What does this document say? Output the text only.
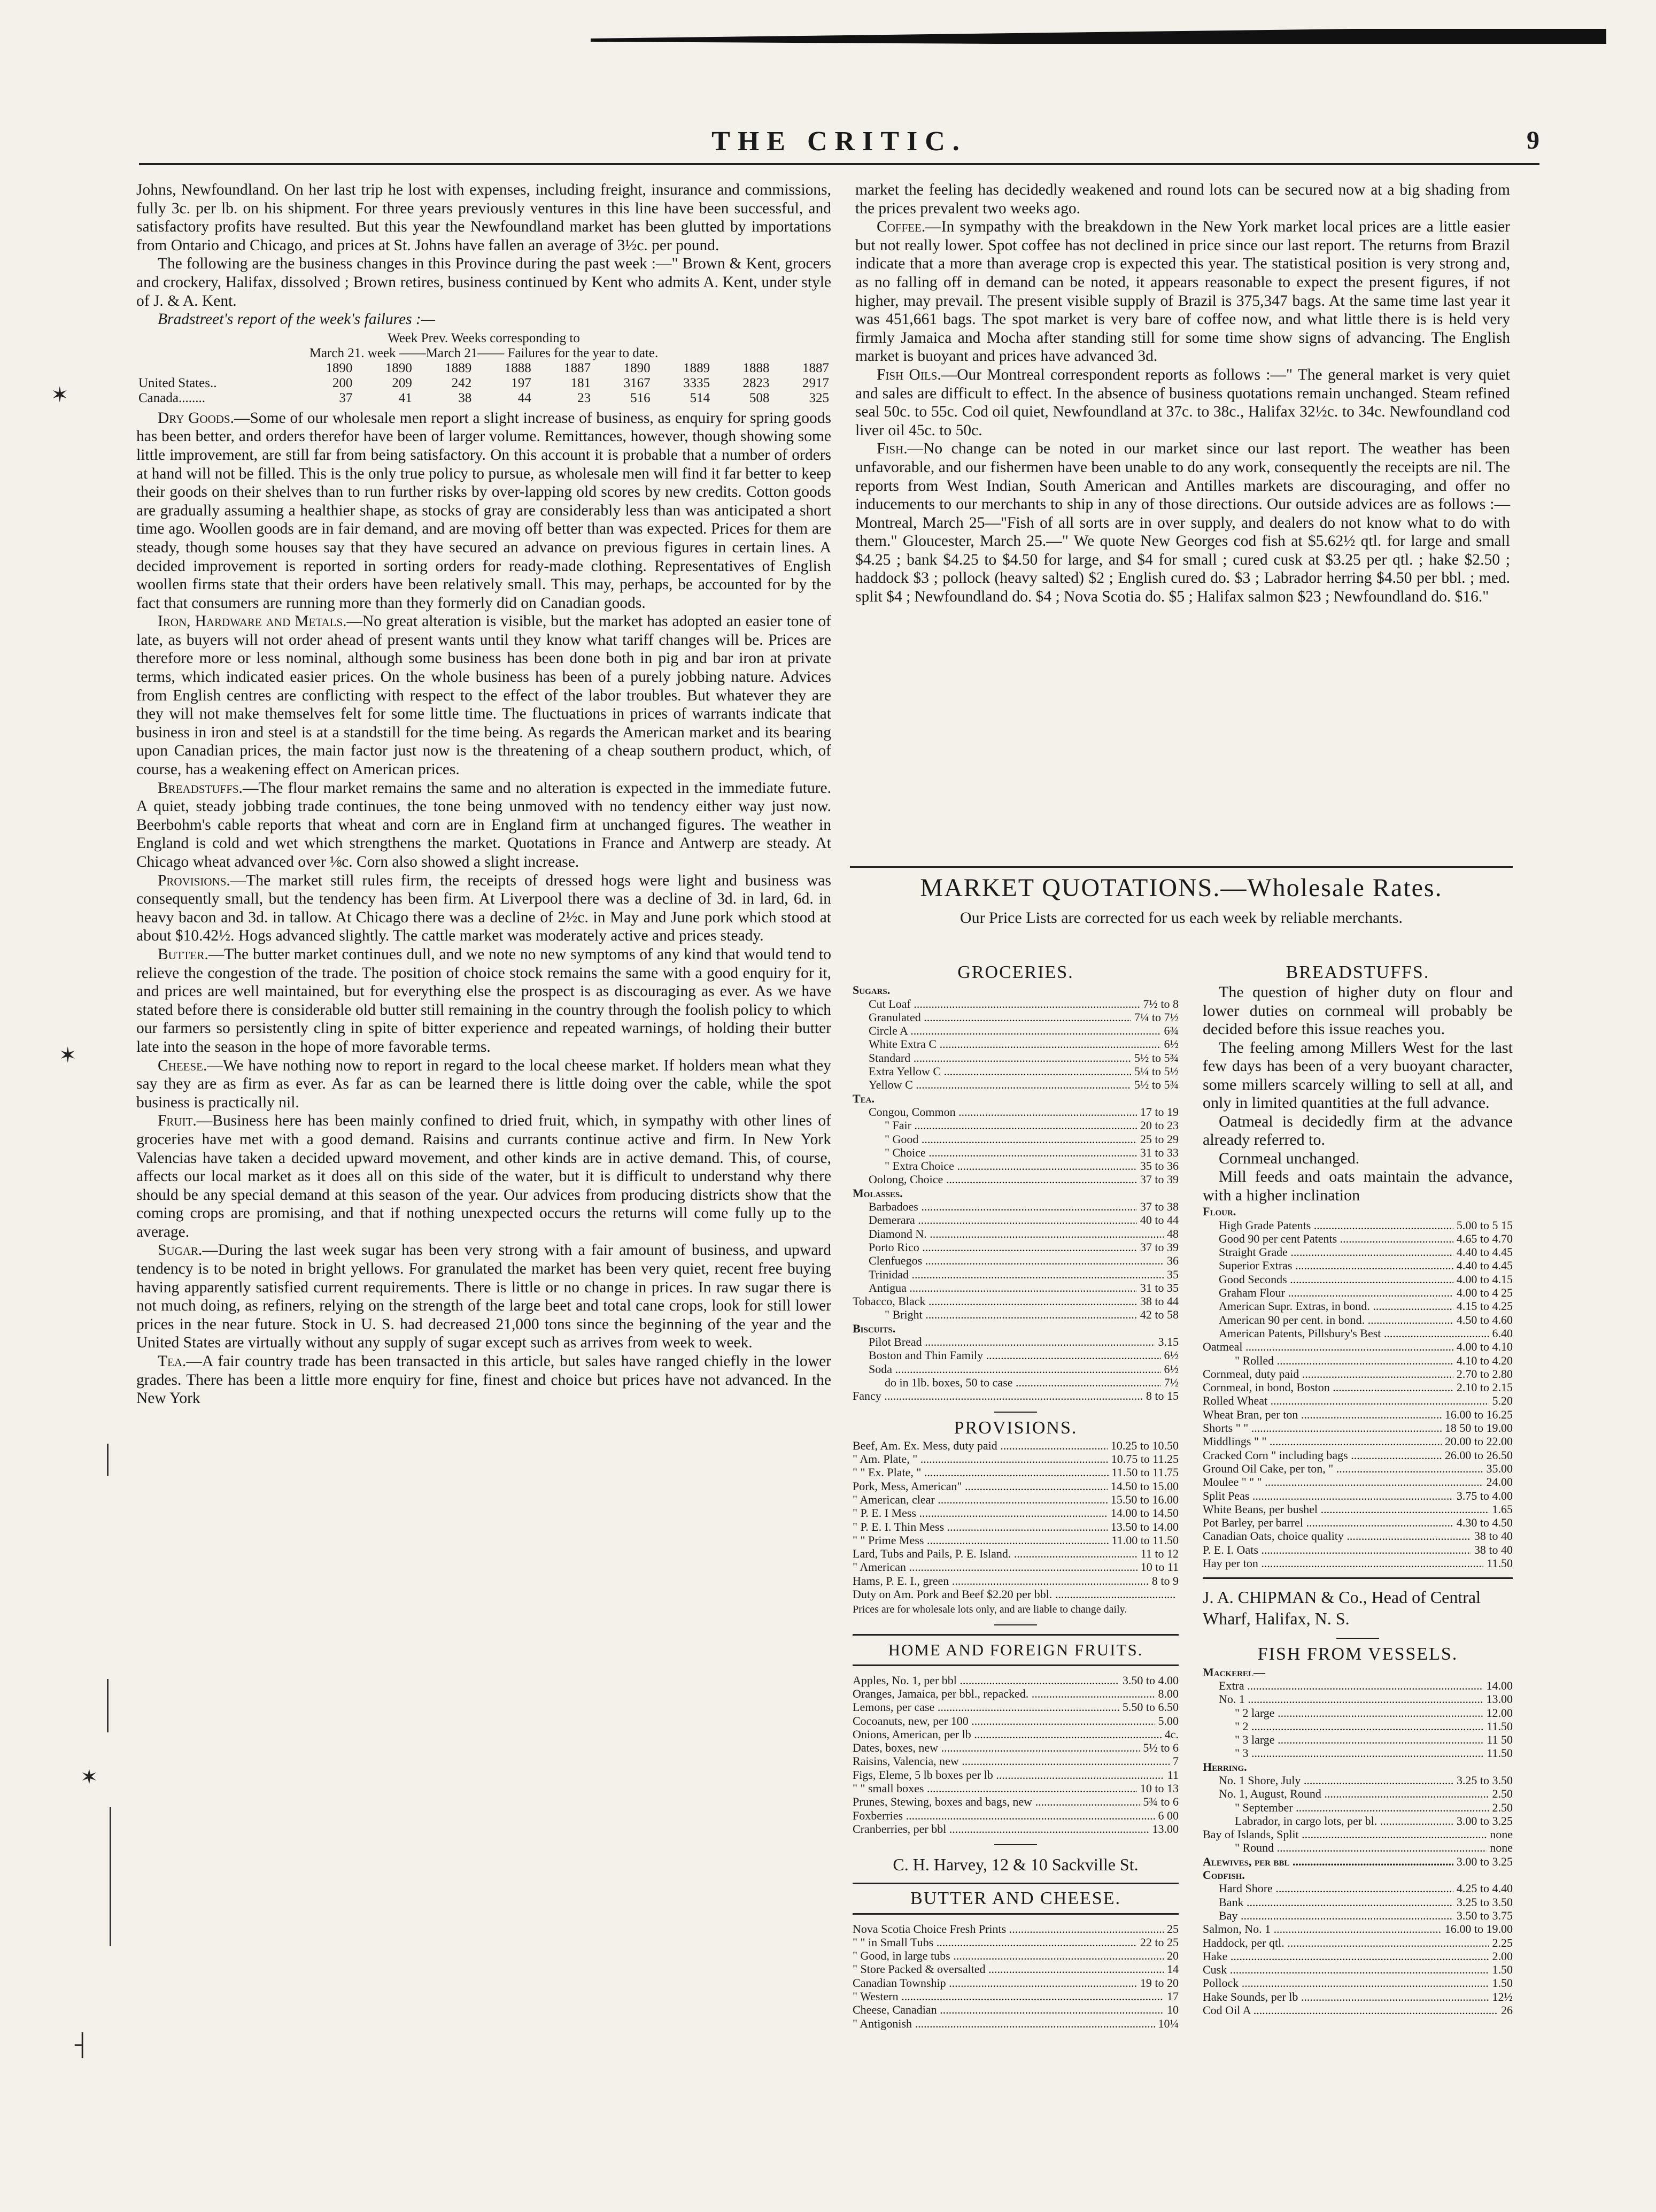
THE CRITIC.	9
✶
✶
✶
┤

Johns, Newfoundland. On her last trip he lost with expenses, including freight, insurance and commissions, fully 3c. per lb. on his shipment. For three years previously ventures in this line have been successful, and satisfactory profits have resulted. But this year the Newfoundland market has been glutted by importations from Ontario and Chicago, and prices at St. Johns have fallen an average of 3½c. per pound.

The following are the business changes in this Province during the past week :—" Brown & Kent, grocers and crockery, Halifax, dissolved ; Brown retires, business continued by Kent who admits A. Kent, under style of J. & A. Kent.

Bradstreet's report of the week's failures :—

Week Prev. Weeks corresponding to
March 21. week ——March 21—— Failures for the year to date.
	1890	1890	1889	1888	1887	1890	1889	1888	1887
United States..	200	209	242	197	181	3167	3335	2823	2917
Canada........	37	41	38	44	23	516	514	508	325

Dry Goods.—Some of our wholesale men report a slight increase of business, as enquiry for spring goods has been better, and orders therefor have been of larger volume. Remittances, however, though showing some little improvement, are still far from being satisfactory. On this account it is probable that a number of orders at hand will not be filled. This is the only true policy to pursue, as wholesale men will find it far better to keep their goods on their shelves than to run further risks by over-lapping old scores by new credits. Cotton goods are gradually assuming a healthier shape, as stocks of gray are considerably less than was anticipated a short time ago. Woollen goods are in fair demand, and are moving off better than was expected. Prices for them are steady, though some houses say that they have secured an advance on previous figures in certain lines. A decided improvement is reported in sorting orders for ready-made clothing. Representatives of English woollen firms state that their orders have been relatively small. This may, perhaps, be accounted for by the fact that consumers are running more than they formerly did on Canadian goods.

Iron, Hardware and Metals.—No great alteration is visible, but the market has adopted an easier tone of late, as buyers will not order ahead of present wants until they know what tariff changes will be. Prices are therefore more or less nominal, although some business has been done both in pig and bar iron at private terms, which indicated easier prices. On the whole business has been of a purely jobbing nature. Advices from English centres are conflicting with respect to the effect of the labor troubles. But whatever they are they will not make themselves felt for some little time. The fluctuations in prices of warrants indicate that business in iron and steel is at a standstill for the time being. As regards the American market and its bearing upon Canadian prices, the main factor just now is the threatening of a cheap southern product, which, of course, has a weakening effect on American prices.

Breadstuffs.—The flour market remains the same and no alteration is expected in the immediate future. A quiet, steady jobbing trade continues, the tone being unmoved with no tendency either way just now. Beerbohm's cable reports that wheat and corn are in England firm at unchanged figures. The weather in England is cold and wet which strengthens the market. Quotations in France and Antwerp are steady. At Chicago wheat advanced over ⅛c. Corn also showed a slight increase.

Provisions.—The market still rules firm, the receipts of dressed hogs were light and business was consequently small, but the tendency has been firm. At Liverpool there was a decline of 3d. in lard, 6d. in heavy bacon and 3d. in tallow. At Chicago there was a decline of 2½c. in May and June pork which stood at about $10.42½. Hogs advanced slightly. The cattle market was moderately active and prices steady.

Butter.—The butter market continues dull, and we note no new symptoms of any kind that would tend to relieve the congestion of the trade. The position of choice stock remains the same with a good enquiry for it, and prices are well maintained, but for everything else the prospect is as discouraging as ever. As we have stated before there is considerable old butter still remaining in the country through the foolish policy to which our farmers so persistently cling in spite of bitter experience and repeated warnings, of holding their butter late into the season in the hope of more favorable terms.

Cheese.—We have nothing now to report in regard to the local cheese market. If holders mean what they say they are as firm as ever. As far as can be learned there is little doing over the cable, while the spot business is practically nil.

Fruit.—Business here has been mainly confined to dried fruit, which, in sympathy with other lines of groceries have met with a good demand. Raisins and currants continue active and firm. In New York Valencias have taken a decided upward movement, and other kinds are in active demand. This, of course, affects our local market as it does all on this side of the water, but it is difficult to understand why there should be any special demand at this season of the year. Our advices from producing districts show that the coming crops are promising, and that if nothing unexpected occurs the returns will come fully up to the average.

Sugar.—During the last week sugar has been very strong with a fair amount of business, and upward tendency is to be noted in bright yellows. For granulated the market has been very quiet, recent free buying having apparently satisfied current requirements. There is little or no change in prices. In raw sugar there is not much doing, as refiners, relying on the strength of the large beet and total cane crops, look for still lower prices in the near future. Stock in U. S. had decreased 21,000 tons since the beginning of the year and the United States are virtually without any supply of sugar except such as arrives from week to week.

Tea.—A fair country trade has been transacted in this article, but sales have ranged chiefly in the lower grades. There has been a little more enquiry for fine, finest and choice but prices have not advanced. In the New York

market the feeling has decidedly weakened and round lots can be secured now at a big shading from the prices prevalent two weeks ago.

Coffee.—In sympathy with the breakdown in the New York market local prices are a little easier but not really lower. Spot coffee has not declined in price since our last report. The returns from Brazil indicate that a more than average crop is expected this year. The statistical position is very strong and, as no falling off in demand can be noted, it appears reasonable to expect the present figures, if not higher, may prevail. The present visible supply of Brazil is 375,347 bags. At the same time last year it was 451,661 bags. The spot market is very bare of coffee now, and what little there is is held very firmly Jamaica and Mocha after standing still for some time show signs of advancing. The English market is buoyant and prices have advanced 3d.

Fish Oils.—Our Montreal correspondent reports as follows :—" The general market is very quiet and sales are difficult to effect. In the absence of business quotations remain unchanged. Steam refined seal 50c. to 55c. Cod oil quiet, Newfoundland at 37c. to 38c., Halifax 32½c. to 34c. Newfoundland cod liver oil 45c. to 50c.

Fish.—No change can be noted in our market since our last report. The weather has been unfavorable, and our fishermen have been unable to do any work, consequently the receipts are nil. The reports from West Indian, South American and Antilles markets are discouraging, and offer no inducements to our merchants to ship in any of those directions. Our outside advices are as follows :—Montreal, March 25—"Fish of all sorts are in over supply, and dealers do not know what to do with them." Gloucester, March 25.—" We quote New Georges cod fish at $5.62½ qtl. for large and small $4.25 ; bank $4.25 to $4.50 for large, and $4 for small ; cured cusk at $3.25 per qtl. ; hake $2.50 ; haddock $3 ; pollock (heavy salted) $2 ; English cured do. $3 ; Labrador herring $4.50 per bbl. ; med. split $4 ; Newfoundland do. $4 ; Nova Scotia do. $5 ; Halifax salmon $23 ; Newfoundland do. $16."

MARKET QUOTATIONS.—Wholesale Rates.
Our Price Lists are corrected for us each week by reliable merchants.
GROCERIES.
Sugars.
Cut Loaf .....	7½ to 8
Granulated .....	7¼ to 7½
Circle A .....	6¾
White Extra C .....	6½
Standard .....	5½ to 5¾
Extra Yellow C .....	5¼ to 5½
Yellow C .....	5½ to 5¾
Tea.
Congou, Common .....	17 to 19
" Fair .....	20 to 23
" Good .....	25 to 29
" Choice .....	31 to 33
" Extra Choice .....	35 to 36
Oolong, Choice .....	37 to 39
Molasses.
Barbadoes .....	37 to 38
Demerara .....	40 to 44
Diamond N. .....	48
Porto Rico .....	37 to 39
Clenfuegos .....	36
Trinidad .....	35
Antigua .....	31 to 35
Tobacco, Black .....	38 to 44
" Bright .....	42 to 58
Biscuits.
Pilot Bread .....	3.15
Boston and Thin Family .....	6½
Soda .....	6½
do in 1lb. boxes, 50 to case .....	7½
Fancy .....	8 to 15
PROVISIONS.
Beef, Am. Ex. Mess, duty paid .....	10.25 to 10.50
" Am. Plate, " .....	10.75 to 11.25
" " Ex. Plate, " .....	11.50 to 11.75
Pork, Mess, American" .....	14.50 to 15.00
" American, clear .....	15.50 to 16.00
" P. E. I Mess .....	14.00 to 14.50
" P. E. I. Thin Mess .....	13.50 to 14.00
" " Prime Mess .....	11.00 to 11.50
Lard, Tubs and Pails, P. E. Island. .....	11 to 12
" American .....	10 to 11
Hams, P. E. I., green .....	8 to 9
Duty on Am. Pork and Beef $2.20 per bbl. .....
Prices are for wholesale lots only, and are liable to change daily.
HOME AND FOREIGN FRUITS.
Apples, No. 1, per bbl .....	3.50 to 4.00
Oranges, Jamaica, per bbl., repacked. .....	8.00
Lemons, per case .....	5.50 to 6.50
Cocoanuts, new, per 100 .....	5.00
Onions, American, per lb .....	4c.
Dates, boxes, new .....	5½ to 6
Raisins, Valencia, new .....	7
Figs, Eleme, 5 lb boxes per lb .....	11
" " small boxes .....	10 to 13
Prunes, Stewing, boxes and bags, new .....	5¾ to 6
Foxberries .....	6 00
Cranberries, per bbl .....	13.00
C. H. Harvey, 12 & 10 Sackville St.
BUTTER AND CHEESE.
Nova Scotia Choice Fresh Prints .....	25
" " in Small Tubs .....	22 to 25
" Good, in large tubs .....	20
" Store Packed & oversalted .....	14
Canadian Township .....	19 to 20
" Western .....	17
Cheese, Canadian .....	10
" Antigonish .....	10¼
BREADSTUFFS.

The question of higher duty on flour and lower duties on cornmeal will probably be decided before this issue reaches you.

The feeling among Millers West for the last few days has been of a very buoyant character, some millers scarcely willing to sell at all, and only in limited quantities at the full advance.

Oatmeal is decidedly firm at the advance already referred to.

Cornmeal unchanged.

Mill feeds and oats maintain the advance, with a higher inclination

Flour.
High Grade Patents .....	5.00 to 5 15
Good 90 per cent Patents .....	4.65 to 4.70
Straight Grade .....	4.40 to 4.45
Superior Extras .....	4.40 to 4.45
Good Seconds .....	4.00 to 4.15
Graham Flour .....	4.00 to 4 25
American Supr. Extras, in bond. .....	4.15 to 4.25
American 90 per cent. in bond. .....	4.50 to 4.60
American Patents, Pillsbury's Best .....	6.40
Oatmeal .....	4.00 to 4.10
" Rolled .....	4.10 to 4.20
Cornmeal, duty paid .....	2.70 to 2.80
Cornmeal, in bond, Boston .....	2.10 to 2.15
Rolled Wheat .....	5.20
Wheat Bran, per ton .....	16.00 to 16.25
Shorts " " .....	18 50 to 19.00
Middlings " " .....	20.00 to 22.00
Cracked Corn " including bags .....	26.00 to 26.50
Ground Oil Cake, per ton, " .....	35.00
Moulee " " " .....	24.00
Split Peas .....	3.75 to 4.00
White Beans, per bushel .....	1.65
Pot Barley, per barrel .....	4.30 to 4.50
Canadian Oats, choice quality .....	38 to 40
P. E. I. Oats .....	38 to 40
Hay per ton .....	11.50
J. A. CHIPMAN & Co., Head of Central Wharf, Halifax, N. S.
FISH FROM VESSELS.
Mackerel—
Extra .....	14.00
No. 1 .....	13.00
" 2 large .....	12.00
" 2 .....	11.50
" 3 large .....	11 50
" 3 .....	11.50
Herring.
No. 1 Shore, July .....	3.25 to 3.50
No. 1, August, Round .....	2.50
" September .....	2.50
Labrador, in cargo lots, per bl. .....	3.00 to 3.25
Bay of Islands, Split .....	none
" Round .....	none
Alewives, per bbl .....	3.00 to 3.25
Codfish.
Hard Shore .....	4.25 to 4.40
Bank .....	3.25 to 3.50
Bay .....	3.50 to 3.75
Salmon, No. 1 .....	16.00 to 19.00
Haddock, per qtl. .....	2.25
Hake .....	2.00
Cusk .....	1.50
Pollock .....	1.50
Hake Sounds, per lb .....	12½
Cod Oil A .....	26
